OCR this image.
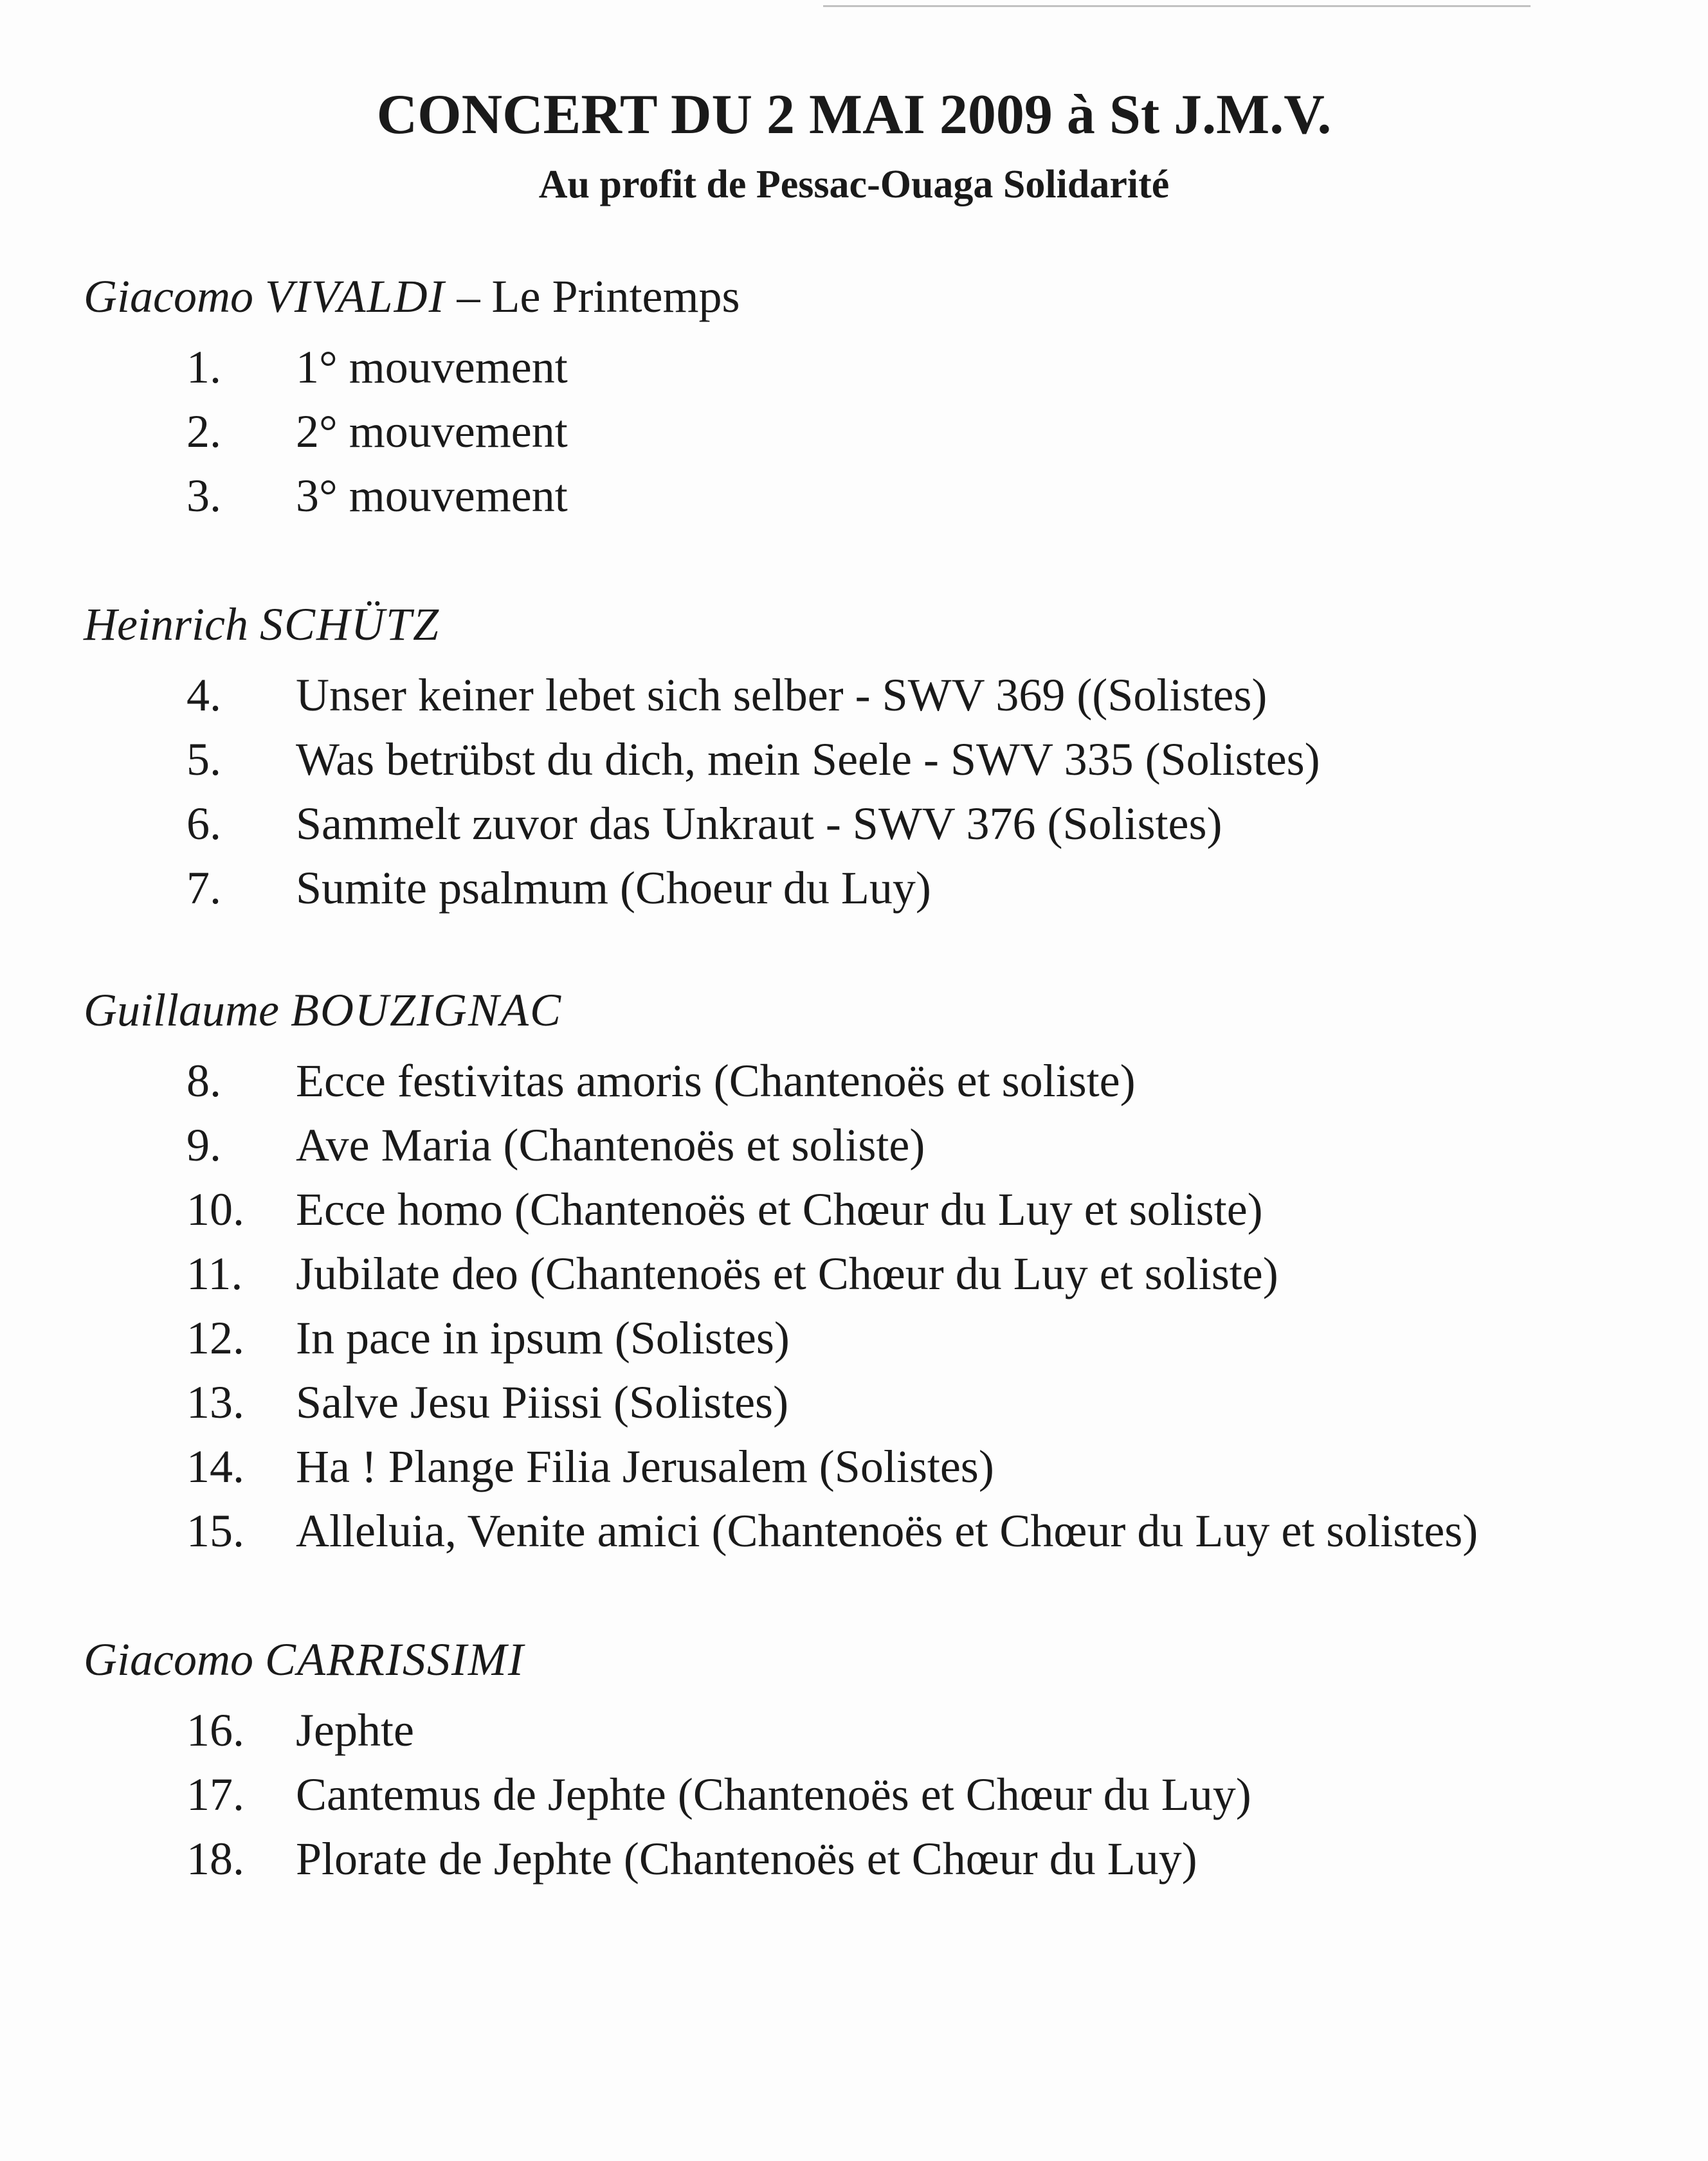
CONCERT DU 2 MAI 2009 à St J.M.V.
Au profit de Pessac-Ouaga Solidarité
Giacomo VIVALDI – Le Printemps
1. 1° mouvement
2. 2° mouvement
3. 3° mouvement
Heinrich SCHÜTZ
4. Unser keiner lebet sich selber - SWV 369 ((Solistes)
5. Was betrübst du dich, mein Seele - SWV 335 (Solistes)
6. Sammelt zuvor das Unkraut - SWV 376 (Solistes)
7. Sumite psalmum (Choeur du Luy)
Guillaume BOUZIGNAC
8. Ecce festivitas amoris (Chantenoës et soliste)
9. Ave Maria (Chantenoës et soliste)
10. Ecce homo (Chantenoës et Chœur du Luy et soliste)
11. Jubilate deo (Chantenoës et Chœur du Luy et soliste)
12. In pace in ipsum (Solistes)
13. Salve Jesu Piissi (Solistes)
14. Ha ! Plange Filia Jerusalem (Solistes)
15. Alleluia, Venite amici (Chantenoës et Chœur du Luy et solistes)
Giacomo CARRISSIMI
16. Jephte
17. Cantemus de Jephte (Chantenoës et Chœur du Luy)
18. Plorate de Jephte (Chantenoës et Chœur du Luy)
